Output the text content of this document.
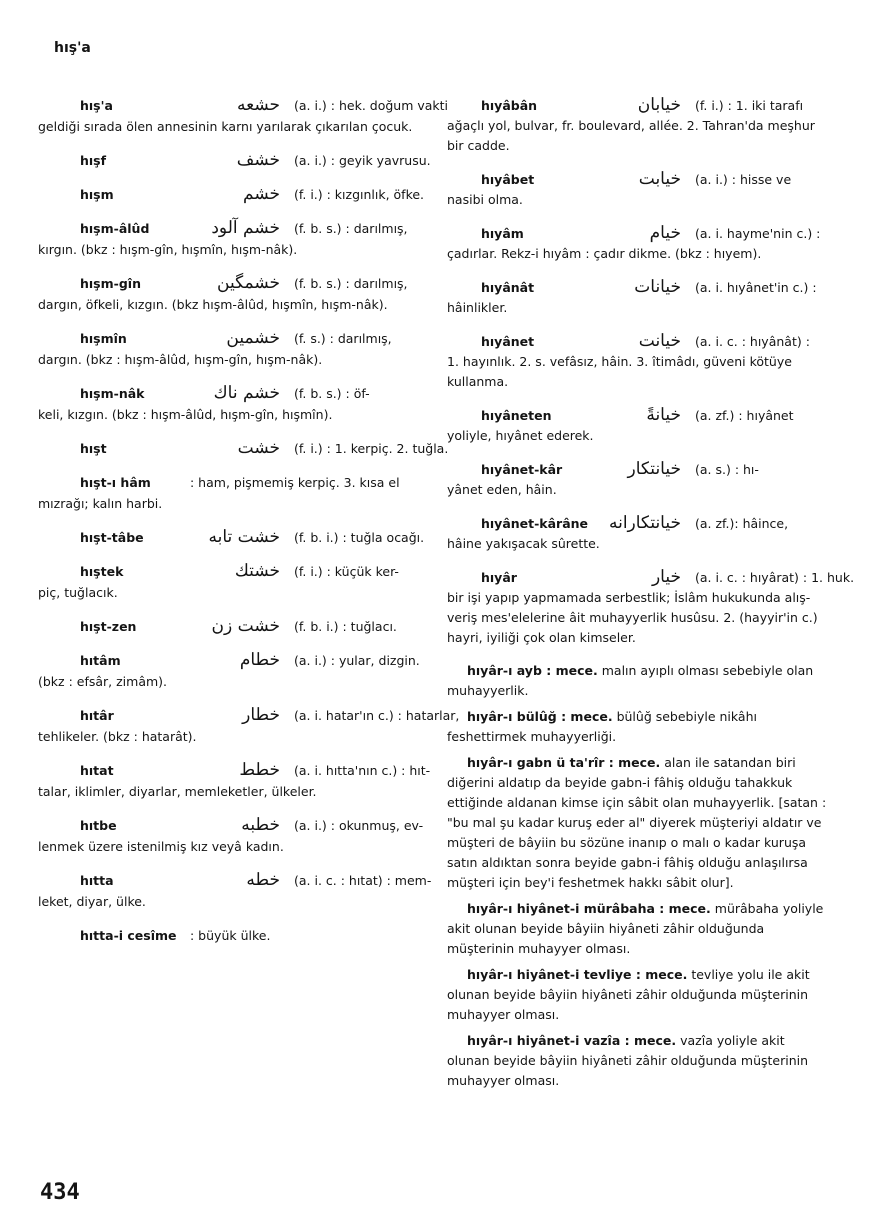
hış'a
hış'a	حشعه (a. i.) : hek. doğum vakti
geldiği sırada ölen annesinin karnı yarılarak çıkarılan çocuk.
hışf	خشف (a. i.) : geyik yavrusu.
hışm	خشم (f. i.) : kızgınlık, öfke.
hışm-âlûd	خشم آلود (f. b. s.) : darılmış,
kırgın. (bkz : hışm-gîn, hışmîn, hışm-nâk).
hışm-gîn	خشمگين (f. b. s.) : darılmış,
dargın, öfkeli, kızgın. (bkz hışm-âlûd, hışmîn, hışm-nâk).
hışmîn	خشمين (f. s.) : darılmış,
dargın. (bkz : hışm-âlûd, hışm-gîn, hışm-nâk).
hışm-nâk	خشم ناك (f. b. s.) : öf-
keli, kızgın. (bkz : hışm-âlûd, hışm-gîn, hışmîn).
hışt	خشت (f. i.) : 1. kerpiç. 2. tuğla.
hışt-ı hâm	: ham, pişmemiş kerpiç. 3. kısa el
mızrağı; kalın harbi.
hışt-tâbe	خشت تابه (f. b. i.) : tuğla ocağı.
hıştek	خشتك (f. i.) : küçük ker-
piç, tuğlacık.
hışt-zen	خشت زن (f. b. i.) : tuğlacı.
hıtâm	خطام (a. i.) : yular, dizgin.
(bkz : efsâr, zimâm).
hıtâr	خطار (a. i. hatar'ın c.) : hatarlar,
tehlikeler. (bkz : hatarât).
hıtat	خطط (a. i. hıtta'nın c.) : hıt-
talar, iklimler, diyarlar, memleketler, ülkeler.
hıtbe	خطبه (a. i.) : okunmuş, ev-
lenmek üzere istenilmiş kız veyâ kadın.
hıtta	خطه (a. i. c. : hıtat) : mem-
leket, diyar, ülke.
hıtta-i cesîme	: büyük ülke.
hıyâbân	خيابان (f. i.) : 1. iki tarafı
ağaçlı yol, bulvar, fr. boulevard, allée. 2. Tahran'da meşhur bir cadde.
hıyâbet	خيابت (a. i.) : hisse ve
nasibi olma.
hıyâm	خيام (a. i. hayme'nin c.) :
çadırlar. Rekz-i hıyâm : çadır dikme. (bkz : hıyem).
hıyânât	خيانات (a. i. hıyânet'in c.) :
hâinlikler.
hıyânet	خيانت (a. i. c. : hıyânât) :
1. hayınlık. 2. s. vefâsız, hâin. 3. îtimâdı, güveni kötüye kullanma.
hıyâneten	خيانةً (a. zf.) : hıyânet
yoliyle, hıyânet ederek.
hıyânet-kâr	خيانتكار (a. s.) : hı-
yânet eden, hâin.
hıyânet-kârâne	خيانتكارانه (a. zf.): hâince,
hâine yakışacak sûrette.
hıyâr	خيار (a. i. c. : hıyârat) : 1. huk.
bir işi yapıp yapmamada serbestlik; İslâm hukukunda alış-veriş mes'elelerine âit muhayyerlik husûsu. 2. (hayyir'in c.) hayri, iyiliği çok olan kimseler.
hıyâr-ı ayb : mece. malın ayıplı olması sebebiyle olan muhayyerlik.
hıyâr-ı bülûğ : mece. bülûğ sebebiyle nikâhı feshettirmek muhayyerliği.
hıyâr-ı gabn ü ta'rîr : mece. alan ile satandan biri diğerini aldatıp da beyide gabn-i fâhiş olduğu tahakkuk ettiğinde aldanan kimse için sâbit olan muhayyerlik. [satan : "bu mal şu kadar kuruş eder al" diyerek müşteriyi aldatır ve müşteri de bâyiin bu sözüne inanıp o malı o kadar kuruşa satın aldıktan sonra beyide gabn-i fâhiş olduğu anlaşılırsa müşteri için bey'i feshetmek hakkı sâbit olur].
hıyâr-ı hiyânet-i mürâbaha : mece. mürâbaha yoliyle akit olunan beyide bâyiin hiyâneti zâhir olduğunda müşterinin muhayyer olması.
hıyâr-ı hiyânet-i tevliye : mece. tevliye yolu ile akit olunan beyide bâyiin hiyâneti zâhir olduğunda müşterinin muhayyer olması.
hıyâr-ı hiyânet-i vazîa : mece. vazîa yoliyle akit olunan beyide bâyiin hiyâneti zâhir olduğunda müşterinin muhayyer olması.
434
